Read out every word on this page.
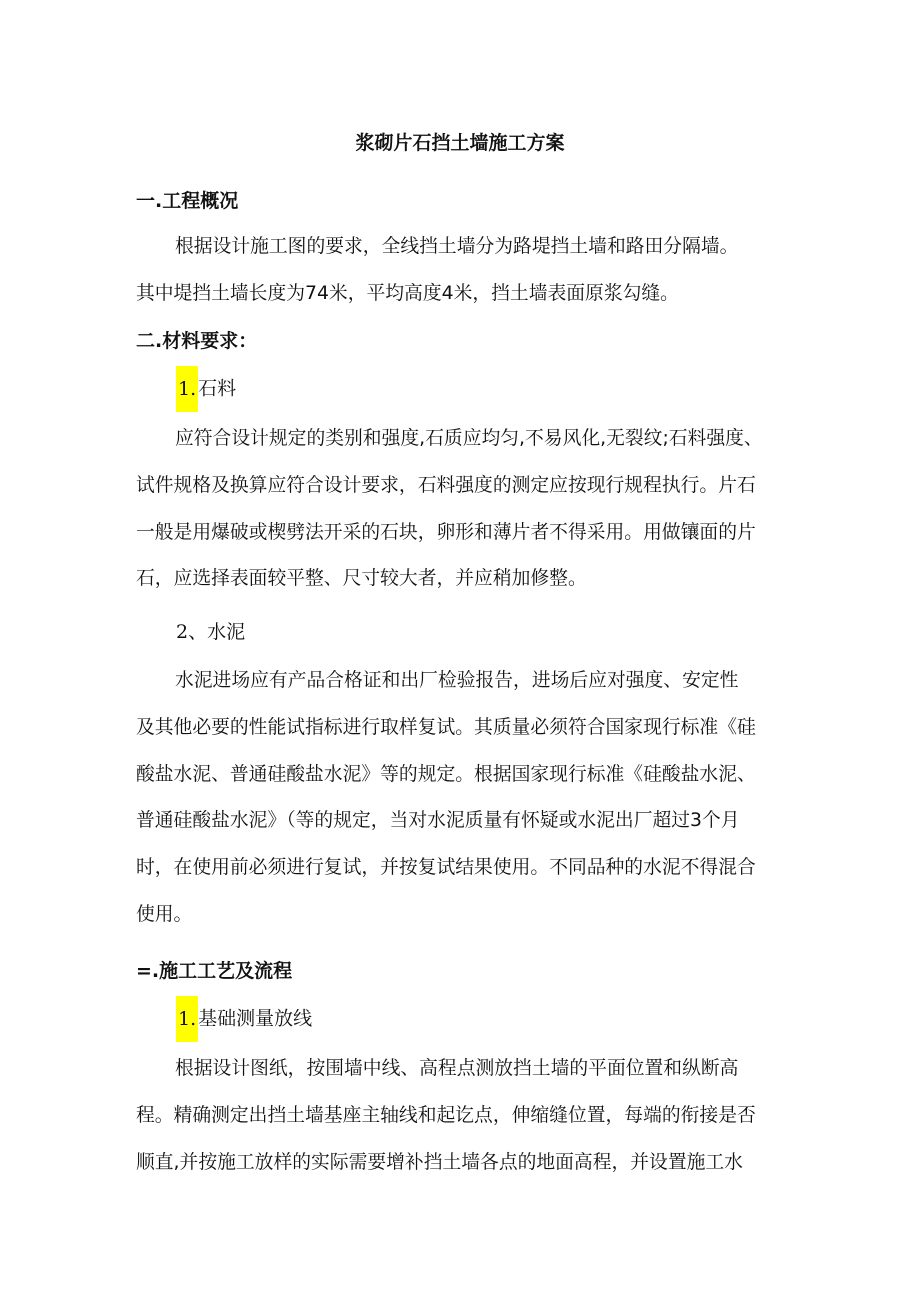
浆砌片石挡土墙施工方案
一.工程概况
根据设计施工图的要求，全线挡土墙分为路堤挡土墙和路田分隔墙。
其中堤挡土墙长度为74米，平均高度4米，挡土墙表面原浆勾缝。
二.材料要求：
1. 石料
应符合设计规定的类别和强度,石质应均匀,不易风化,无裂纹;石料强度、
试件规格及换算应符合设计要求，石料强度的测定应按现行规程执行。片石
一般是用爆破或楔劈法开采的石块，卵形和薄片者不得采用。用做镶面的片
石，应选择表面较平整、尺寸较大者，并应稍加修整。
2、水泥
水泥进场应有产品合格证和出厂检验报告，进场后应对强度、安定性
及其他必要的性能试指标进行取样复试。其质量必须符合国家现行标准《硅
酸盐水泥、普通硅酸盐水泥》等的规定。根据国家现行标准《硅酸盐水泥、
普通硅酸盐水泥》（等的规定，当对水泥质量有怀疑或水泥出厂超过3个月
时，在使用前必须进行复试，并按复试结果使用。不同品种的水泥不得混合
使用。
=.施工工艺及流程
1. 基础测量放线
根据设计图纸，按围墙中线、高程点测放挡土墙的平面位置和纵断高
程。精确测定出挡土墙基座主轴线和起讫点，伸缩缝位置，每端的衔接是否
顺直,并按施工放样的实际需要增补挡土墙各点的地面高程，并设置施工水
